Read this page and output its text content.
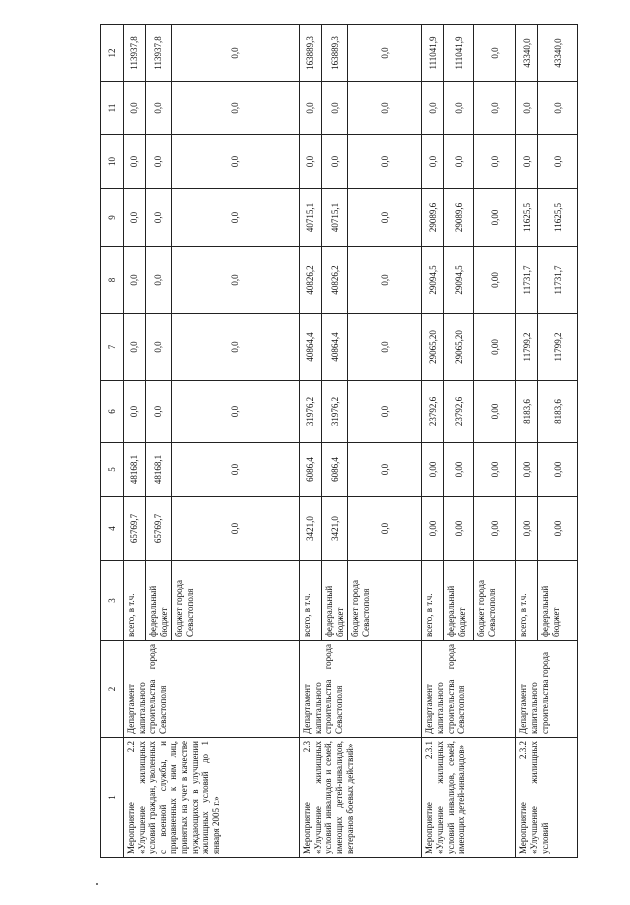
1	2	3	4	5	6	7	8	9	10	11	12
Мероприятие 2.2 «Улучшение жилищных условий граждан, уволенных с военной службы, и приравненных к ним лиц, принятых на учет в качестве нуждающихся в улучшении жилищных условий до 1 января 2005 г.»	Департамент капитального строительства города Севастополя	всего, в т.ч.	65769,7	48168,1	0,0	0,0	0,0	0,0	0,0	0,0	113937,8
		федеральный бюджет	65769,7	48168,1	0,0	0,0	0,0	0,0	0,0	0,0	113937,8
		бюджет города Севастополя	0,0	0,0	0,0	0,0	0,0	0,0	0,0	0,0	0,0
Мероприятие 2.3 «Улучшение жилищных условий инвалидов и семей, имеющих детей-инвалидов, ветеранов боевых действий»	Департамент капитального строительства города Севастополя	всего, в т.ч.	3421,0	6086,4	31976,2	40864,4	40826,2	40715,1	0,0	0,0	163889,3
		федеральный бюджет	3421,0	6086,4	31976,2	40864,4	40826,2	40715,1	0,0	0,0	163889,3
		бюджет города Севастополя	0,0	0,0	0,0	0,0	0,0	0,0	0,0	0,0	0,0
Мероприятие 2.3.1 «Улучшение жилищных условий инвалидов, семей, имеющих детей-инвалидов»	Департамент капитального строительства города Севастополя	всего, в т.ч.	0,00	0,00	23792,6	29065,20	29094,5	29089,6	0,0	0,0	111041,9
		федеральный бюджет	0,00	0,00	23792,6	29065,20	29094,5	29089,6	0,0	0,0	111041,9
		бюджет города Севастополя	0,00	0,00	0,00	0,00	0,00	0,00	0,0	0,0	0,0
Мероприятие 2.3.2 «Улучшение жилищных условий	Департамент капитального строительства города	всего, в т.ч.	0,00	0,00	8183,6	11799,2	11731,7	11625,5	0,0	0,0	43340,0
		федеральный бюджет	0,00	0,00	8183,6	11799,2	11731,7	11625,5	0,0	0,0	43340,0
